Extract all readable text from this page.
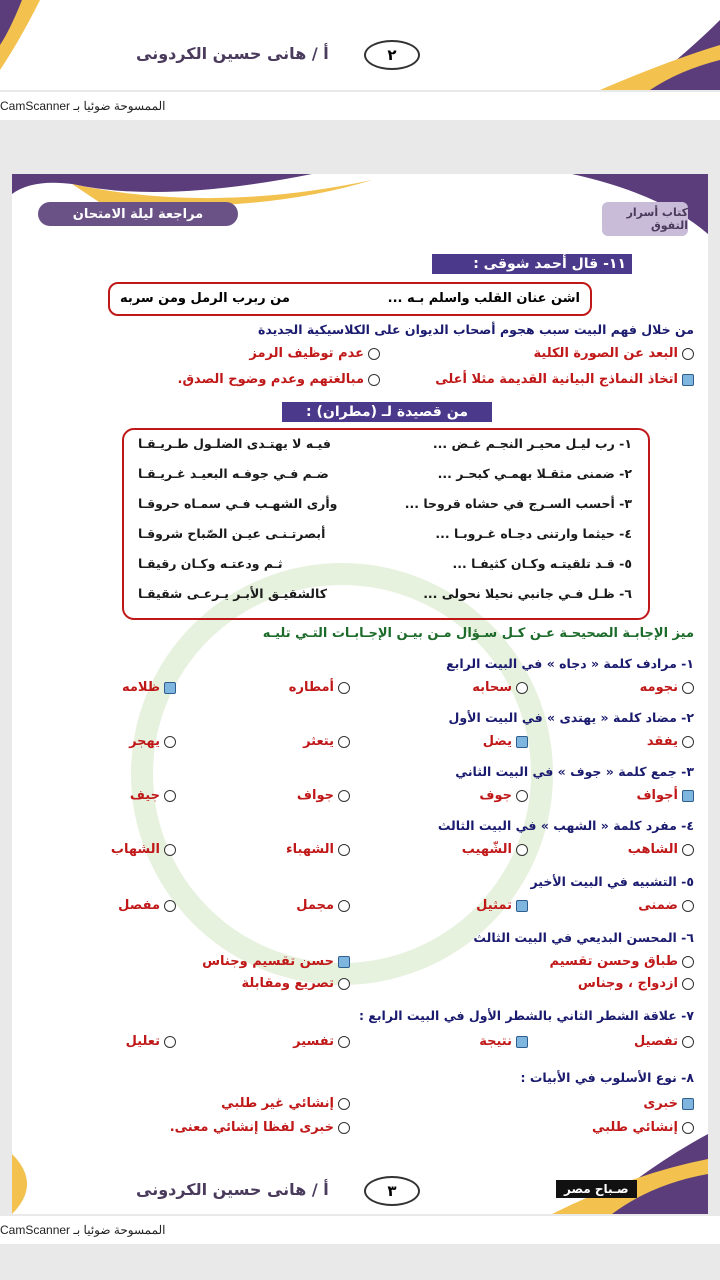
أ / هانى حسين الكردونى	٢
الممسوحة ضوئيا بـ CamScanner
مراجعة ليلة الامتحان	كتاب أسرار التفوق
١١- قال أحمد شوقى :
اشن عنان القلب واسلم بـه ...
من ربرب الرمل ومن سربه
من خلال فهم البيت سبب هجوم أصحاب الديوان على الكلاسيكية الجديدة
البعد عن الصورة الكلية
عدم توظيف الرمز
اتخاذ النماذج البيانية القديمة مثلا أعلى
مبالغتهم وعدم وضوح الصدق.
من قصيدة لـ (مطران) :
١- رب ليـل محيـر النجـم غـض ...
فيـه لا يهتـدى الضلـول طـريـقـا
٢- ضمنى مثقـلا بهمـي كبحـر ...
ضـم فـي جوفـه البعيـد غـريـقـا
٣- أحسب السـرج في حشاه قروحا ...
وأرى الشهـب فـي سمـاه حروقـا
٤- حيثما وارتنى دجـاه غـروبـا ...
أبصرتـنـى عيـن الصّباح شروقـا
٥- قـد تلقيتـه وكـان كثيفـا ...
ثـم ودعتـه وكـان رقيقـا
٦- ظـل فـي جانبي نحيلا نحولى ...
كالشقيـق الأبـر يـرعـى شقيقـا
ميز الإجابـة الصحيحـة عـن كـل سـؤال مـن بيـن الإجـابـات التـي تليـه
١- مرادف كلمة « دجاه » في البيت الرابع
نجومه
سحابه
أمطاره
ظلامه
٢- مضاد كلمة « يهتدى » في البيت الأول
يفقد
يضل
يتعثر
يهجر
٣- جمع كلمة « جوف » في البيت الثاني
أجواف
جوف
جواف
جيف
٤- مفرد كلمة « الشهب » في البيت الثالث
الشاهب
الشّهيب
الشهباء
الشهاب
٥- التشبيه في البيت الأخير
ضمنى
تمثيل
مجمل
مفصل
٦- المحسن البديعي في البيت الثالث
طباق وحسن تقسيم
حسن تقسيم وجناس
ازدواج ، وجناس
تصريع ومقابلة
٧- علاقة الشطر الثاني بالشطر الأول في البيت الرابع :
تفصيل
نتيجة
تفسير
تعليل
٨- نوع الأسلوب في الأبيات :
خبرى
إنشائي غير طلبي
إنشائي طلبي
خبرى لفظا إنشائي معنى.
أ / هانى حسين الكردونى	٣	صـباح مصر
الممسوحة ضوئيا بـ CamScanner
